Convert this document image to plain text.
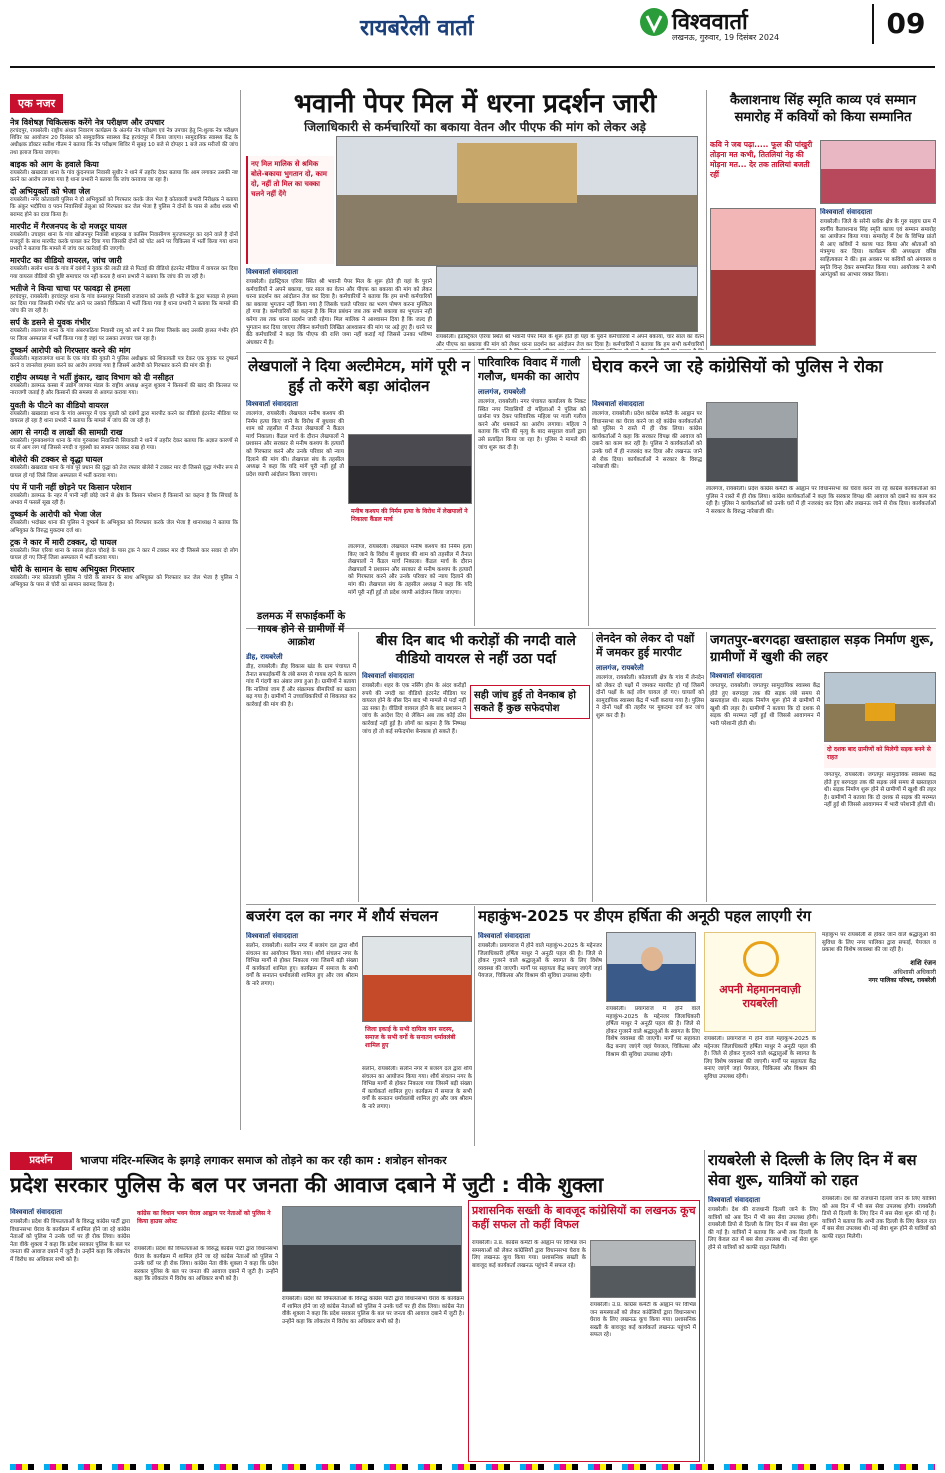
रायबरेली वार्ता	विश्ववार्ता
लखनऊ, गुरुवार, 19 दिसंबर 2024	09
एक नजर
नेत्र विशेषज्ञ चिकित्सक करेंगे नेत्र परीक्षण और उपचार
हरचंदपुर, रायबरेली। राष्ट्रीय अंधता निवारण कार्यक्रम के अंतर्गत नेत्र परीक्षण एवं नेत्र उपचार हेतु नि:शुल्क नेत्र परीक्षण शिविर का आयोजन 20 दिसंबर को सामुदायिक स्वास्थ्य केंद्र हरचंदपुर में किया जाएगा। सामुदायिक स्वास्थ्य केंद्र के अधीक्षक डॉक्टर सतीश गौतम ने बताया कि नेत्र परीक्षण शिविर में सुबह 10 बजे से दोपहर 1 बजे तक मरीजों की जांच तथा इलाज किया जाएगा।
बाइक को आग के हवाले किया
रायबरेली। खखराडा थाना के गांव कुंदनपाल निवासी सुधीर ने थाने में तहरीर देकर बताया कि आम लगाकर उसकी नष्ट करने का आरोप लगाया गया है थाना प्रभारी ने बताया कि जांच करवाया जा रहा है।
दो अभियुक्तों को भेजा जेल
रायबरेली। नगर कोतवाली पुलिस ने दो अभियुक्तों को गिरफ्तार करके जेल भेज है कोतवाली प्रभारी निरीक्षक ने बताया कि अंकुर भदौरिया व पवन निवासियों तेलुआ को गिरफ्तार कर जेल भेजा है पुलिस ने दोनों के पास से अवैध शस्त्र भी बरामद होने का दावा किया है।
मारपीट में गैरजनपद के दो मजदूर घायल
रायबरेली। उचाहार थाना के गांव खोजनपुर निवासी शाहरुख व कासिम निवासीगण मुज्जफरपुर का रहने वाले है दोनों मजदूरों के साथ मारपीट करके घायल कर दिया गया जिसकी दोनों को चोट आने पर चिकित्सा में भर्ती किया गया थाना प्रभारी ने बताया कि मामले में जांच कर कार्रवाई की जाएगी।
मारपीट का वीडियो वायरल, जांच जारी
रायबरेली। सलोन थाना के गांव में दबंगों ने युवक की लाठी डंडे से पिटाई की वीडियो इंटरनेट मीडिया में वायरल कर दिया गया वायरल वीडियो की पुष्टि समाचार पत्र नहीं करता है थाना प्रभारी ने बताया कि जांच की जा रही है।
भतीजे ने किया चाचा पर फावड़ा से हमला
हरचंदपुर, रायबरेली। हरचंदपुर थाना के गांव कमलापुर निवासी राजाराम को उसके ही भतीजे के द्वारा फावड़ा से हमला कर दिया गया जिसकी गंभीर चोट आने पर उसको चिकित्सा में भर्ती किया गया है थाना प्रभारी ने बताया कि मामले की जांच की जा रही है।
सर्प के डसने से युवक गंभीर
रायबरेली। लालगंज थाना के गांव अंबरपाठिया निवासी रामू को सर्प ने डस लिया जिसके बाद उसकी हालत गंभीर होने पर जिला अस्पताल में भर्ती किया गया है जहां पर उसका उपचार चल रहा है।
दुष्कर्म आरोपी को गिरफ्तार करने की मांग
रायबरेली। महाराजगंज थाना के एक गांव की युवती ने पुलिस अधीक्षक को शिकायती पत्र देकर एक युवक पर दुष्कर्म करने व जानलेवा हमला करने का आरोप लगाया गया है जिसमें आरोपी को गिरफ्तार करने की मांग की है।
राष्ट्रीय अध्यक्ष ने भर्ती हुंकार, खाद विभाग को दी नसीहत
रायबरेली। डलमऊ कस्बा में उद्योग व्यापार मंडल के राष्ट्रीय अध्यक्ष अनुज शुक्ला ने किसानों की खाद की किल्लत पर नाराजगी जताई है और किसानों की समस्या से अवगत कराया गया।
युवती के पीटने का वीडियो वायरल
रायबरेली। खखराडा थाना के गांव अमरपुर में एक युवती को दबंगों द्वारा मारपीट करने का वीडियो इंटरनेट मीडिया पर वायरल हो रहा है थाना प्रभारी ने बताया कि मामले में जांच की जा रही है।
आग से नगदी व लाखों की सामग्री राख
रायबरेली। गुरुबक्शगंज थाना के गांव गुरुबक्श निवासिनी सियावती ने थाने में तहरीर देकर बताया कि अज्ञात कारणों से घर में आग लग गई जिससे नगदी व गृहस्थी का सामान जलकर राख हो गया।
बोलेरो की टक्कर से वृद्धा घायल
रायबरेली। खखराडा थाना के गांव पूरे प्रधान की वृद्धा को तेज रफ्तार बोलेरो ने टक्कर मार दी जिससे वृद्धा गंभीर रूप से घायल हो गई जिसे जिला अस्पताल में भर्ती कराया गया।
पंप में पानी नहीं छोड़ने पर किसान परेशान
रायबरेली। डलमऊ के नहर में पानी नहीं छोड़े जाने से क्षेत्र के किसान परेशान हैं किसानों का कहना है कि सिंचाई के अभाव में फसलें सूख रही हैं।
दुष्कर्म के आरोपी को भेजा जेल
रायबरेली। भदोखर थाना की पुलिस ने दुष्कर्म के अभियुक्त को गिरफ्तार करके जेल भेजा है थानाध्यक्ष ने बताया कि अभियुक्त के विरुद्ध मुकदमा दर्ज था।
ट्रक ने कार में मारी टक्कर, दो घायल
रायबरेली। मिल एरिया थाना के सारस होटल चौराहे के पास ट्रक ने कार में टक्कर मार दी जिससे कार सवार दो लोग घायल हो गए जिन्हें जिला अस्पताल में भर्ती कराया गया।
चोरी के सामान के साथ अभियुक्त गिरफ्तार
रायबरेली। नगर कोतवाली पुलिस ने चोरी के सामान के साथ अभियुक्त को गिरफ्तार कर जेल भेजा है पुलिस ने अभियुक्त के पास से चोरी का सामान बरामद किया है।
भवानी पेपर मिल में धरना प्रदर्शन जारी
जिलाधिकारी से कर्मचारियों का बकाया वेतन और पीएफ की मांग को लेकर अड़े
नए मिल मालिक से श्रमिक बोले-बकाया भुगतान दो, काम दो, नहीं तो मिल का चक्का चलने नहीं देंगे
विश्ववार्ता संवाददाता
रायबरेली। इंडस्ट्रियल एरिया स्थित श्री भवानी पेपर मिल के शुरू होते ही यहां के पुराने कर्मचारियों ने अपने बकाया, चार साल का वेतन और पीएफ का बकाया की मांग को लेकर धरना प्रदर्शन कर आंदोलन तेज कर दिया है। कर्मचारियों ने बताया कि हम सभी कर्मचारियों का बकाया भुगतान नहीं किया गया है जिसके चलते परिवार का भरण पोषण करना मुश्किल हो गया है। कर्मचारियों का कहना है कि मिल प्रबंधन जब तक सभी बकाया का भुगतान नहीं करेगा तब तक धरना प्रदर्शन जारी रहेगा। मिल मालिक ने आश्वासन दिया है कि जल्द ही भुगतान कर दिया जाएगा लेकिन कर्मचारी लिखित आश्वासन की मांग पर अड़े हुए हैं। धरने पर बैठे कर्मचारियों ने कहा कि पीएफ की राशि जमा नहीं कराई गई जिससे उनका भविष्य अंधकार में है।
रायबरेली। इंडस्ट्रियल एरिया स्थित श्री भवानी पेपर मिल के शुरू होते ही यहां के पुराने कर्मचारियों ने अपने बकाया, चार साल का वेतन और पीएफ का बकाया की मांग को लेकर धरना प्रदर्शन कर आंदोलन तेज कर दिया है। कर्मचारियों ने बताया कि हम सभी कर्मचारियों
कैलाशनाथ सिंह स्मृति काव्य एवं सम्मान समारोह में कवियों को किया सम्मानित
कवि ने जब पढ़ा..... फूल की पांखुरी तोड़ना मत कभी, तितलियां नेह की मोड़ना मत... देर तक तालियां बजती रहीं
विश्ववार्ता संवाददाता
रायबरेली। जिले के सरेनी ब्लॉक क्षेत्र के गुरु सहाय ग्राम में स्वर्गीय कैलाशनाथ सिंह स्मृति काव्य एवं सम्मान समारोह का आयोजन किया गया। समारोह में देश के विभिन्न प्रांतों से आए कवियों ने काव्य पाठ किया और श्रोताओं को मंत्रमुग्ध कर दिया। कार्यक्रम की अध्यक्षता वरिष्ठ साहित्यकार ने की। इस अवसर पर कवियों को अंगवस्त्र व स्मृति चिन्ह देकर सम्मानित किया गया। आयोजक ने सभी आगंतुकों का आभार व्यक्त किया।
लेखपालों ने दिया अल्टीमेटम, मांगें पूरी न हुईं तो करेंगे बड़ा आंदोलन
मनीष कश्यप की निर्मम हत्या के विरोध में लेखपालों ने निकाला कैंडल मार्च
विश्ववार्ता संवाददाता
लालगंज, रायबरेली। लेखपाल मनीष कश्यप की निर्मम हत्या किए जाने के विरोध में बुधवार की शाम को तहसील में तैनात लेखपालों ने कैंडल मार्च निकाला। कैंडल मार्च के दौरान लेखपालों ने प्रशासन और सरकार से मनीष कश्यप के हत्यारों को गिरफ्तार करने और उनके परिवार को न्याय दिलाने की मांग की। लेखपाल संघ के तहसील अध्यक्ष ने कहा कि यदि मांगें पूरी नहीं हुईं तो प्रदेश व्यापी आंदोलन किया जाएगा।
लालगंज, रायबरेली। लेखपाल मनीष कश्यप की निर्मम हत्या किए जाने के विरोध में बुधवार की शाम को तहसील में तैनात लेखपालों ने कैंडल मार्च निकाला। कैंडल मार्च के दौरान लेखपालों ने प्रशासन और सरकार से मनीष कश्यप के हत्यारों को गिरफ्तार करने और उनके परिवार को न्याय दिलाने की मांग की। लेखपाल संघ के तहसील अध्यक्ष ने कहा कि यदि मांगें पूरी नहीं हुईं तो प्रदेश व्यापी आंदोलन किया जाएगा।
पारिवारिक विवाद में गाली गलौज, धमकी का आरोप
लालगंज, रायबरेली
लालगंज, रायबरेली। नगर पंचायत कार्यालय के निकट स्थित नगर निवासियों दो महिलाओं ने पुलिस को प्रार्थना पत्र देकर पारिवारिक महिला पर गाली गलौज करने और धमकाने का आरोप लगाया। महिला ने बताया कि पति की मृत्यु के बाद ससुराल वालों द्वारा उसे प्रताड़ित किया जा रहा है। पुलिस ने मामले की जांच शुरू कर दी है।
घेराव करने जा रहे कांग्रेसियों को पुलिस ने रोका
विश्ववार्ता संवाददाता
लालगंज, रायबरेली। प्रदेश कांग्रेस कमेटी के आह्वान पर विधानसभा का घेराव करने जा रहे कांग्रेस कार्यकर्ताओं को पुलिस ने रास्ते में ही रोक लिया। कांग्रेस कार्यकर्ताओं ने कहा कि सरकार विपक्ष की आवाज को दबाने का काम कर रही है। पुलिस ने कार्यकर्ताओं को उनके घरों में ही नजरबंद कर दिया और लखनऊ जाने से रोक दिया। कार्यकर्ताओं ने सरकार के विरुद्ध नारेबाजी की।
लालगंज, रायबरेली। प्रदेश कांग्रेस कमेटी के आह्वान पर विधानसभा का घेराव करने जा रहे कांग्रेस कार्यकर्ताओं को पुलिस ने रास्ते में ही रोक लिया। कांग्रेस कार्यकर्ताओं ने कहा कि सरकार विपक्ष की आवाज को दबाने का काम कर रही है। पुलिस ने कार्यकर्ताओं को उनके घरों में ही नजरबंद कर दिया और लखनऊ जाने से रोक दिया। कार्यकर्ताओं ने सरकार के विरुद्ध नारेबाजी की।
डलमऊ में सफाईकर्मी के गायब होने से ग्रामीणों में आक्रोश
डीह, रायबरेली
डीह, रायबरेली। डीह विकास खंड के ग्राम पंचायत में तैनात सफाईकर्मी के लंबे समय से गायब रहने के कारण गांव में गंदगी का अंबार लगा हुआ है। ग्रामीणों ने बताया कि नालियां जाम हैं और संक्रामक बीमारियों का खतरा बढ़ गया है। ग्रामीणों ने उच्चाधिकारियों से शिकायत कर कार्रवाई की मांग की है।
बीस दिन बाद भी करोड़ों की नगदी वाले वीडियो वायरल से नहीं उठा पर्दा
विश्ववार्ता संवाददाता
सही जांच हुई तो वेनकाब हो सकते हैं कुछ सफेदपोश
रायबरेली। शहर के एक नर्सिंग होम के अंदर करोड़ों रुपये की नगदी का वीडियो इंटरनेट मीडिया पर वायरल होने के बीस दिन बाद भी मामले से पर्दा नहीं उठ सका है। वीडियो वायरल होने के बाद प्रशासन ने जांच के आदेश दिए थे लेकिन अब तक कोई ठोस कार्रवाई नहीं हुई है। लोगों का कहना है कि निष्पक्ष जांच हो तो कई सफेदपोश बेनकाब हो सकते हैं।
लेनदेन को लेकर दो पक्षों में जमकर हुई मारपीट
लालगंज, रायबरेली
लालगंज, रायबरेली। कोतवाली क्षेत्र के गांव में लेनदेन को लेकर दो पक्षों में जमकर मारपीट हो गई जिसमें दोनों पक्षों के कई लोग घायल हो गए। घायलों को सामुदायिक स्वास्थ्य केंद्र में भर्ती कराया गया है। पुलिस ने दोनों पक्षों की तहरीर पर मुकदमा दर्ज कर जांच शुरू कर दी है।
जगतपुर-बरगदहा खस्ताहाल सड़क निर्माण शुरू, ग्रामीणों में खुशी की लहर
दो दशक बाद ग्रामीणों को मिलेगी सड़क बनने से राहत
विश्ववार्ता संवाददाता
जगतपुर, रायबरेली। जगतपुर सामुदायिक स्वास्थ्य केंद्र होते हुए बरगदहा तक की सड़क लंबे समय से खस्ताहाल थी। सड़क निर्माण शुरू होने से ग्रामीणों में खुशी की लहर है। ग्रामीणों ने बताया कि दो दशक से सड़क की मरम्मत नहीं हुई थी जिससे आवागमन में भारी परेशानी होती थी।
जगतपुर, रायबरेली। जगतपुर सामुदायिक स्वास्थ्य केंद्र होते हुए बरगदहा तक की सड़क लंबे समय से खस्ताहाल थी। सड़क निर्माण शुरू होने से ग्रामीणों में खुशी की लहर है। ग्रामीणों ने बताया कि दो दशक से सड़क की मरम्मत नहीं हुई थी जिससे आवागमन में भारी परेशानी होती थी।
बजरंग दल का नगर में शौर्य संचलन
जिला इकाई के सभी दायित्व वान सदस्य, समाज के सभी वर्गो के सनातन धर्मावलंबी शामिल हुए
विश्ववार्ता संवाददाता
सलोन, रायबरेली। सलोन नगर में बजरंग दल द्वारा शौर्य संचलन का आयोजन किया गया। शौर्य संचलन नगर के विभिन्न मार्गों से होकर निकाला गया जिसमें बड़ी संख्या में कार्यकर्ता शामिल हुए। कार्यक्रम में समाज के सभी वर्गों के सनातन धर्मावलंबी शामिल हुए और जय श्रीराम के नारे लगाए।
सलोन, रायबरेली। सलोन नगर में बजरंग दल द्वारा शौर्य संचलन का आयोजन किया गया। शौर्य संचलन नगर के विभिन्न मार्गों से होकर निकाला गया जिसमें बड़ी संख्या में कार्यकर्ता शामिल हुए। कार्यक्रम में समाज के सभी वर्गों के सनातन धर्मावलंबी शामिल हुए और जय श्रीराम के नारे लगाए।
महाकुंभ-2025 पर डीएम हर्षिता की अनूठी पहल लाएगी रंग
विश्ववार्ता संवाददाता
रायबरेली। प्रयागराज में होने वाले महाकुंभ-2025 के मद्देनजर जिलाधिकारी हर्षिता माथुर ने अनूठी पहल की है। जिले से होकर गुजरने वाले श्रद्धालुओं के स्वागत के लिए विशेष व्यवस्था की जाएगी। मार्गों पर सहायता केंद्र बनाए जाएंगे जहां पेयजल, चिकित्सा और विश्राम की सुविधा उपलब्ध रहेगी।
रायबरेली। प्रयागराज में होने वाले महाकुंभ-2025 के मद्देनजर जिलाधिकारी हर्षिता माथुर ने अनूठी पहल की है। जिले से होकर गुजरने वाले श्रद्धालुओं के स्वागत के लिए विशेष व्यवस्था की जाएगी। मार्गों पर सहायता केंद्र बनाए जाएंगे जहां पेयजल, चिकित्सा और विश्राम की सुविधा उपलब्ध रहेगी।
अपनी मेहमाननवाज़ी रायबरेली
रायबरेली। प्रयागराज में होने वाले महाकुंभ-2025 के मद्देनजर जिलाधिकारी हर्षिता माथुर ने अनूठी पहल की है। जिले से होकर गुजरने वाले श्रद्धालुओं के स्वागत के लिए विशेष व्यवस्था की जाएगी। मार्गों पर सहायता केंद्र बनाए जाएंगे जहां पेयजल, चिकित्सा और विश्राम की सुविधा उपलब्ध रहेगी।
महाकुंभ पर रायबरेली से होकर जाने वाले श्रद्धालुओं की सुविधा के लिए नगर पालिका द्वारा सफाई, पेयजल व प्रकाश की विशेष व्यवस्था की जा रही है।
शशि रंजन
अधिशासी अधिकारी
नगर पालिका परिषद, रायबरेली
प्रदर्शन	भाजपा मंदिर-मस्जिद के झगड़े लगाकर समाज को तोड़ने का कर रही काम : शत्रोहन सोनकर
प्रदेश सरकार पुलिस के बल पर जनता की आवाज दबाने में जुटी : वीके शुक्ला
विश्ववार्ता संवाददाता
रायबरेली। प्रदेश की विफलताओं के विरुद्ध कांग्रेस पार्टी द्वारा विधानसभा घेराव के कार्यक्रम में शामिल होने जा रहे कांग्रेस नेताओं को पुलिस ने उनके घरों पर ही रोक लिया। कांग्रेस नेता वीके शुक्ला ने कहा कि प्रदेश सरकार पुलिस के बल पर जनता की आवाज दबाने में जुटी है। उन्होंने कहा कि लोकतंत्र में विरोध का अधिकार सभी को है।
कांग्रेस का विधान भवन घेराव आह्वान पर नेताओं को पुलिस ने किया हाउस अरेस्ट
रायबरेली। प्रदेश की विफलताओं के विरुद्ध कांग्रेस पार्टी द्वारा विधानसभा घेराव के कार्यक्रम में शामिल होने जा रहे कांग्रेस नेताओं को पुलिस ने उनके घरों पर ही रोक लिया। कांग्रेस नेता वीके शुक्ला ने कहा कि प्रदेश सरकार पुलिस के बल पर जनता की आवाज दबाने में जुटी है। उन्होंने कहा कि लोकतंत्र में विरोध का अधिकार सभी को है।
रायबरेली। प्रदेश की विफलताओं के विरुद्ध कांग्रेस पार्टी द्वारा विधानसभा घेराव के कार्यक्रम में शामिल होने जा रहे कांग्रेस नेताओं को पुलिस ने उनके घरों पर ही रोक लिया। कांग्रेस नेता वीके शुक्ला ने कहा कि प्रदेश सरकार पुलिस के बल पर जनता की आवाज दबाने में जुटी है। उन्होंने कहा कि लोकतंत्र में विरोध का अधिकार सभी को है।
प्रशासनिक सख्ती के बावजूद कांग्रेसियों का लखनऊ कूच कहीं सफल तो कहीं विफल
रायबरेली। उ.प्र. कांग्रेस कमेटी के आह्वान पर विभिन्न जन समस्याओं को लेकर कांग्रेसियों द्वारा विधानसभा घेराव के लिए लखनऊ कूच किया गया। प्रशासनिक सख्ती के बावजूद कई कार्यकर्ता लखनऊ पहुंचने में सफल रहे।
रायबरेली। उ.प्र. कांग्रेस कमेटी के आह्वान पर विभिन्न जन समस्याओं को लेकर कांग्रेसियों द्वारा विधानसभा घेराव के लिए लखनऊ कूच किया गया। प्रशासनिक सख्ती के बावजूद कई कार्यकर्ता लखनऊ पहुंचने में सफल रहे।
रायबरेली से दिल्ली के लिए दिन में बस सेवा शुरू, यात्रियों को राहत
विश्ववार्ता संवाददाता
रायबरेली। देश की राजधानी दिल्ली जाने के लिए यात्रियों को अब दिन में भी बस सेवा उपलब्ध होगी। रायबरेली डिपो से दिल्ली के लिए दिन में बस सेवा शुरू की गई है। यात्रियों ने बताया कि अभी तक दिल्ली के लिए केवल रात में बस सेवा उपलब्ध थी। नई सेवा शुरू होने से यात्रियों को काफी राहत मिलेगी।
रायबरेली। देश की राजधानी दिल्ली जाने के लिए यात्रियों को अब दिन में भी बस सेवा उपलब्ध होगी। रायबरेली डिपो से दिल्ली के लिए दिन में बस सेवा शुरू की गई है। यात्रियों ने बताया कि अभी तक दिल्ली के लिए केवल रात में बस सेवा उपलब्ध थी। नई सेवा शुरू होने से यात्रियों को काफी राहत मिलेगी।
